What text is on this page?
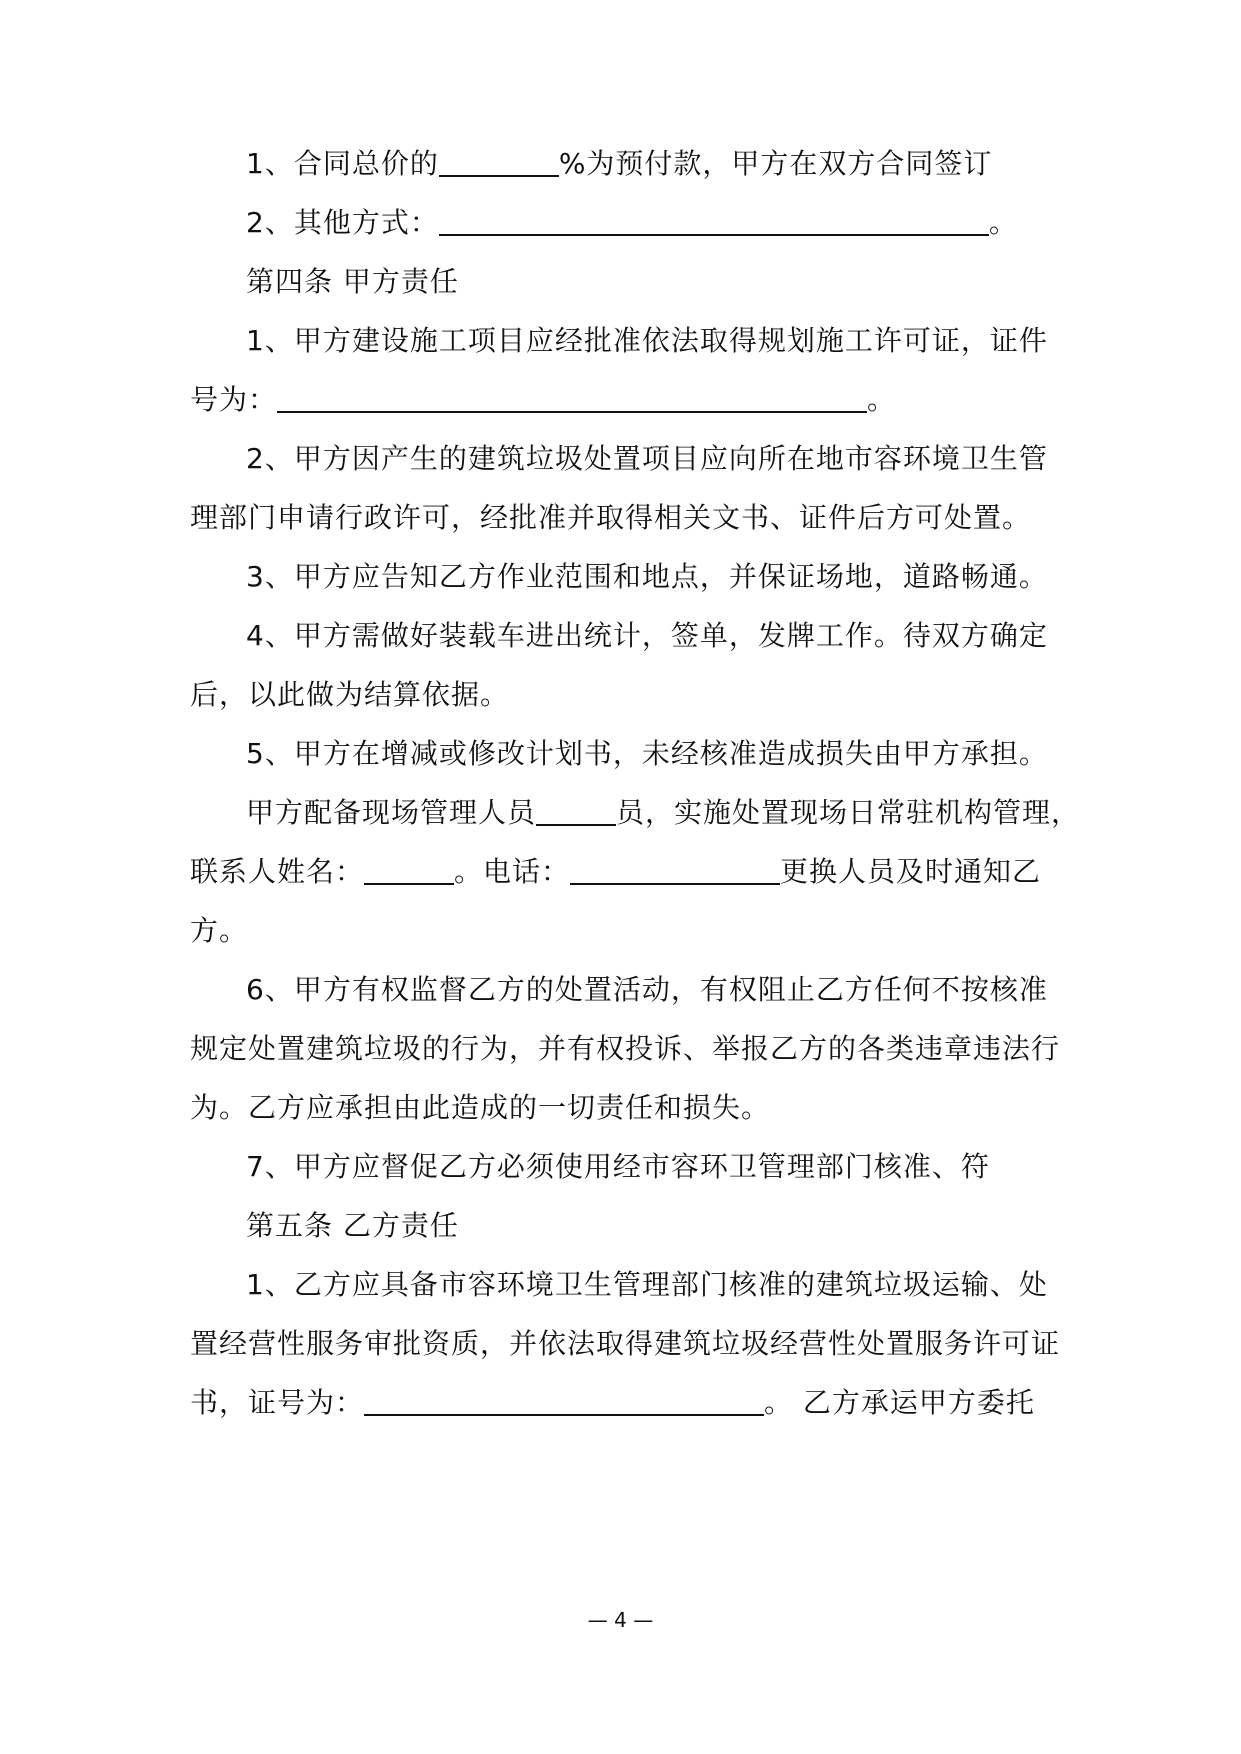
1、合同总价的	%为预付款，甲方在双方合同签订
2、其他方式：	。
第四条 甲方责任
1、甲方建设施工项目应经批准依法取得规划施工许可证，证件
号为：	。
2、甲方因产生的建筑垃圾处置项目应向所在地市容环境卫生管
理部门申请行政许可，经批准并取得相关文书、证件后方可处置。
3、甲方应告知乙方作业范围和地点，并保证场地，道路畅通。
4、甲方需做好装载车进出统计，签单，发牌工作。待双方确定
后，以此做为结算依据。
5、甲方在增减或修改计划书，未经核准造成损失由甲方承担。
甲方配备现场管理人员	员，实施处置现场日常驻机构管理，
联系人姓名：	。电话：	更换人员及时通知乙
方。
6、甲方有权监督乙方的处置活动，有权阻止乙方任何不按核准
规定处置建筑垃圾的行为，并有权投诉、举报乙方的各类违章违法行
为。乙方应承担由此造成的一切责任和损失。
7、甲方应督促乙方必须使用经市容环卫管理部门核准、符
第五条 乙方责任
1、乙方应具备市容环境卫生管理部门核准的建筑垃圾运输、处
置经营性服务审批资质，并依法取得建筑垃圾经营性处置服务许可证
书，证号为：	。 乙方承运甲方委托
— 4 —
